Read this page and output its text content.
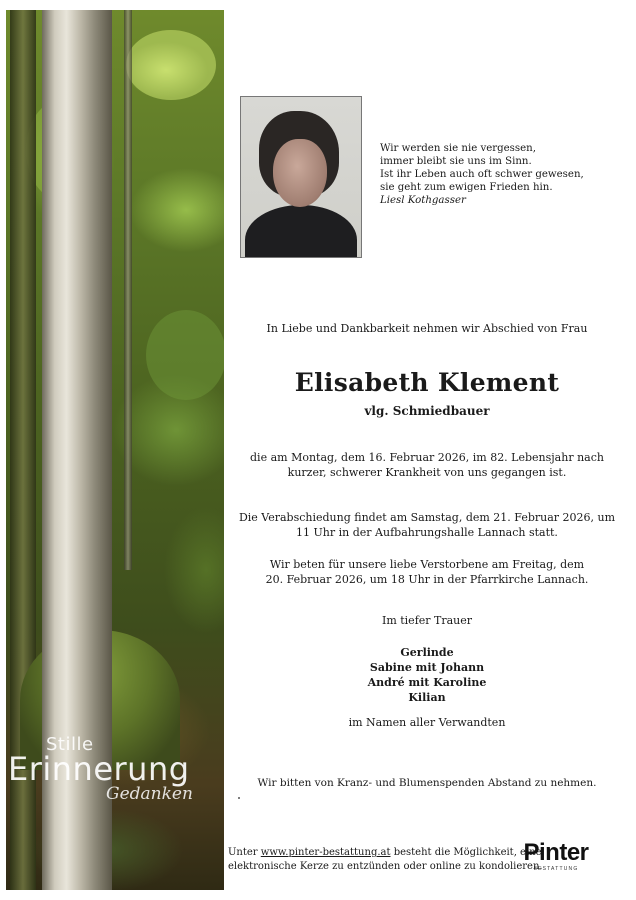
Stille
Erinnerung
Gedanken
Wir werden sie nie vergessen,
immer bleibt sie uns im Sinn.
Ist ihr Leben auch oft schwer gewesen,
sie geht zum ewigen Frieden hin.
Liesl Kothgasser
In Liebe und Dankbarkeit nehmen wir Abschied von Frau
Elisabeth Klement
vlg. Schmiedbauer
die am Montag, dem 16. Februar 2026, im 82. Lebensjahr nach
kurzer, schwerer Krankheit von uns gegangen ist.
Die Verabschiedung findet am Samstag, dem 21. Februar 2026, um
11 Uhr in der Aufbahrungshalle Lannach statt.
Wir beten für unsere liebe Verstorbene am Freitag, dem
20. Februar 2026, um 18 Uhr in der Pfarrkirche Lannach.
Im tiefer Trauer
Gerlinde
Sabine mit Johann
André mit Karoline
Kilian
im Namen aller Verwandten
Wir bitten von Kranz- und Blumenspenden Abstand zu nehmen.
Unter www.pinter-bestattung.at besteht die Möglichkeit, eine
elektronische Kerze zu entzünden oder online zu kondolieren.
Pinter
BESTATTUNG
